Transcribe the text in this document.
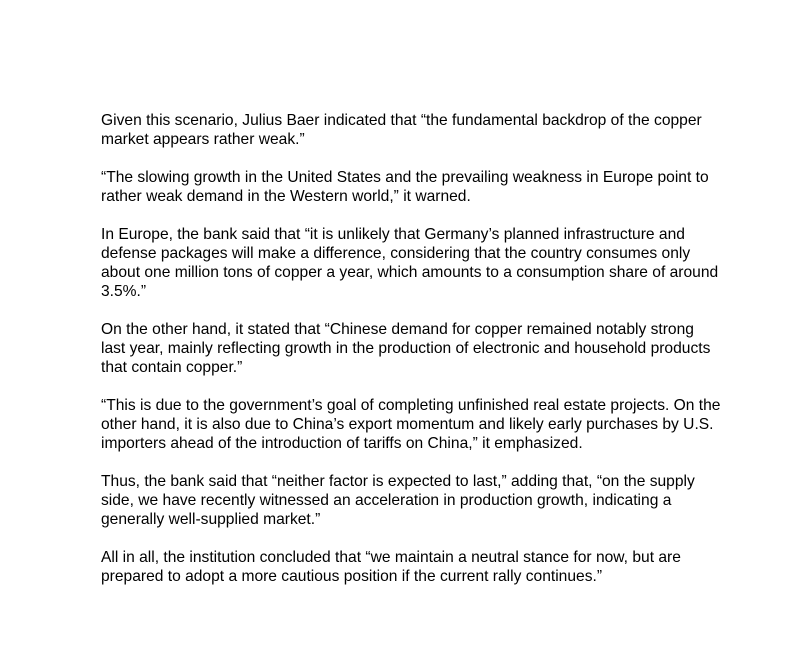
Given this scenario, Julius Baer indicated that “the fundamental backdrop of the copper market appears rather weak.”

“The slowing growth in the United States and the prevailing weakness in Europe point to rather weak demand in the Western world,” it warned.

In Europe, the bank said that “it is unlikely that Germany’s planned infrastructure and defense packages will make a difference, considering that the country consumes only about one million tons of copper a year, which amounts to a consumption share of around 3.5%.”

On the other hand, it stated that “Chinese demand for copper remained notably strong last year, mainly reflecting growth in the production of electronic and household products that contain copper.”

“This is due to the government’s goal of completing unfinished real estate projects. On the other hand, it is also due to China’s export momentum and likely early purchases by U.S. importers ahead of the introduction of tariffs on China,” it emphasized.

Thus, the bank said that “neither factor is expected to last,” adding that, “on the supply side, we have recently witnessed an acceleration in production growth, indicating a generally well-supplied market.”

All in all, the institution concluded that “we maintain a neutral stance for now, but are prepared to adopt a more cautious position if the current rally continues.”
